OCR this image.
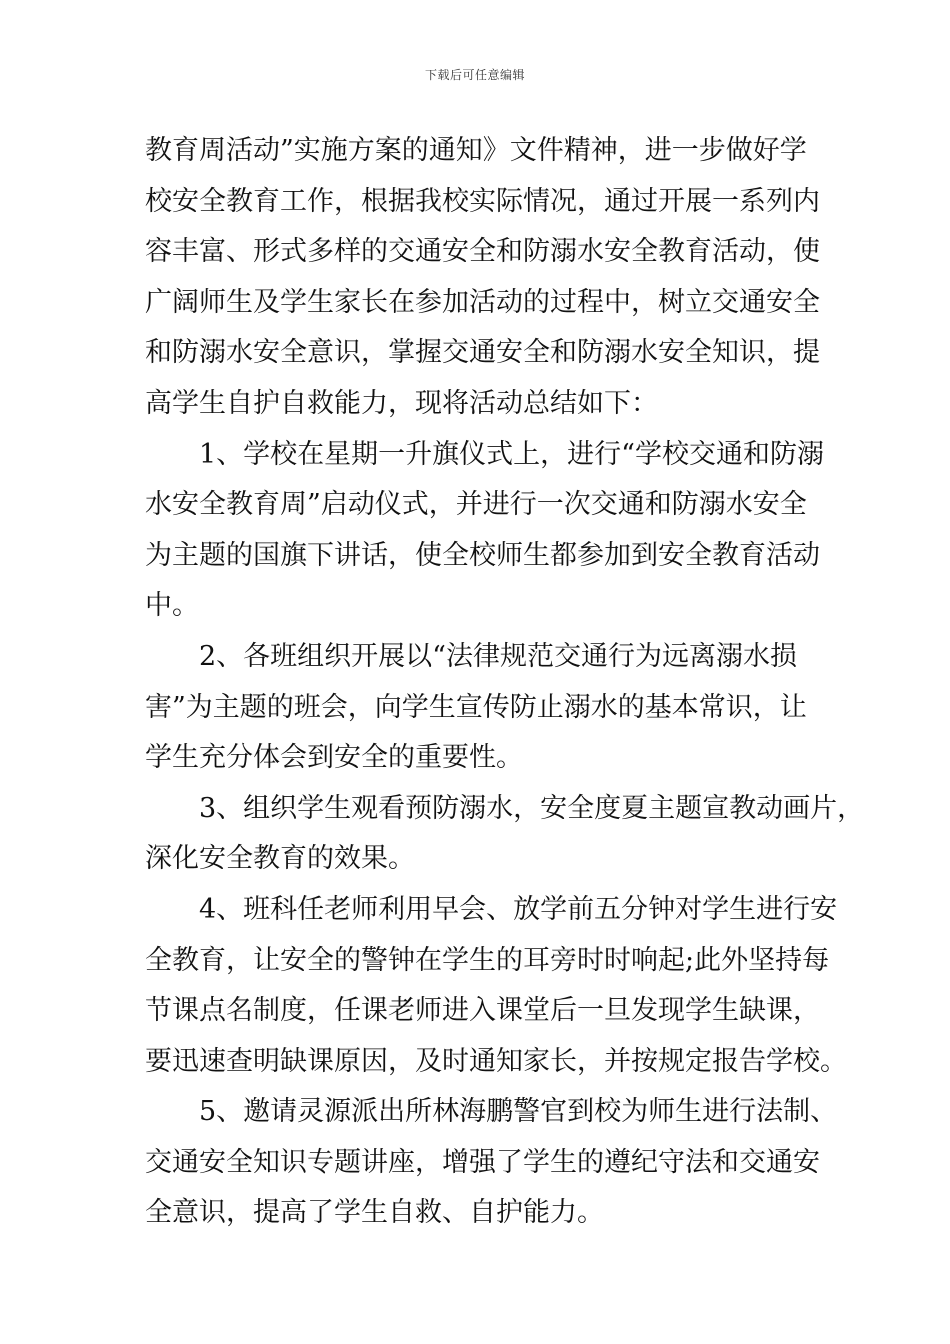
下载后可任意编辑
教育周活动”实施方案的通知》文件精神，进一步做好学
校安全教育工作，根据我校实际情况，通过开展一系列内
容丰富、形式多样的交通安全和防溺水安全教育活动，使
广阔师生及学生家长在参加活动的过程中，树立交通安全
和防溺水安全意识，掌握交通安全和防溺水安全知识，提
高学生自护自救能力，现将活动总结如下：
1、学校在星期一升旗仪式上，进行“学校交通和防溺
水安全教育周”启动仪式，并进行一次交通和防溺水安全
为主题的国旗下讲话，使全校师生都参加到安全教育活动
中。
2、各班组织开展以“法律规范交通行为远离溺水损
害”为主题的班会，向学生宣传防止溺水的基本常识，让
学生充分体会到安全的重要性。
3、组织学生观看预防溺水，安全度夏主题宣教动画片，
深化安全教育的效果。
4、班科任老师利用早会、放学前五分钟对学生进行安
全教育，让安全的警钟在学生的耳旁时时响起;此外坚持每
节课点名制度，任课老师进入课堂后一旦发现学生缺课，
要迅速查明缺课原因，及时通知家长，并按规定报告学校。
5、邀请灵源派出所林海鹏警官到校为师生进行法制、
交通安全知识专题讲座，增强了学生的遵纪守法和交通安
全意识，提高了学生自救、自护能力。
